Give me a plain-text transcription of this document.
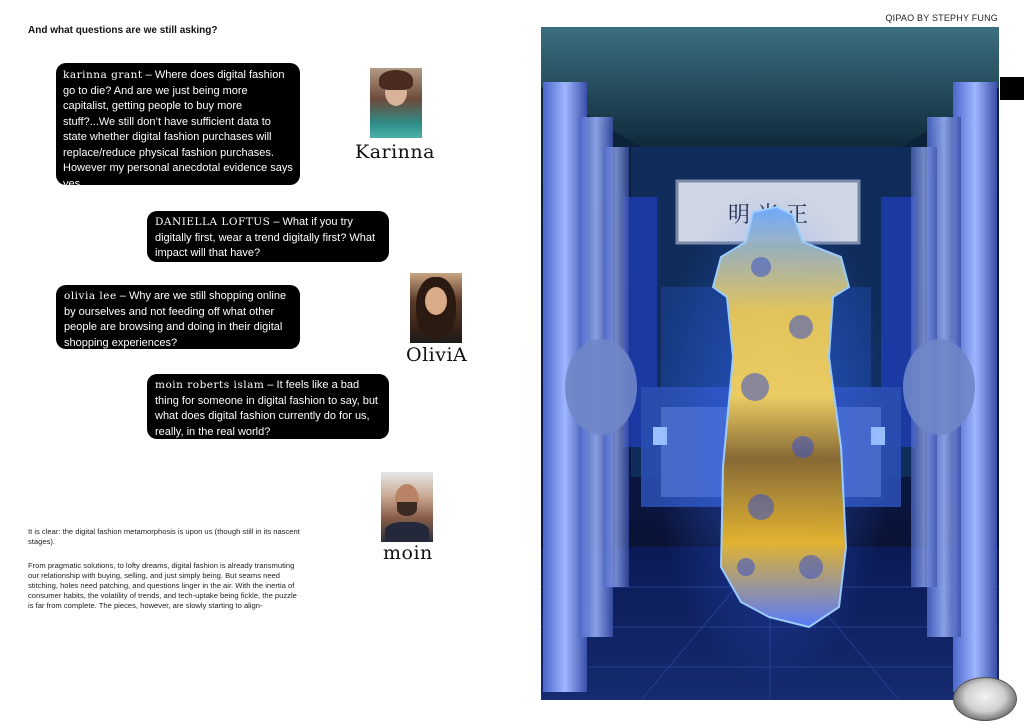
And what questions are we still asking?
QIPAO BY STEPHY FUNG
karinna grant – Where does digital fashion go to die? And are we just being more capitalist, getting people to buy more stuff?...We still don’t have sufficient data to state whether digital fashion purchases will replace/reduce physical fashion purchases. However my personal anecdotal evidence says yes.
DANIELLA LOFTUS – What if you try digitally first, wear a trend digitally first? What impact will that have?
olivia lee – Why are we still shopping online by ourselves and not feeding off what other people are browsing and doing in their digital shopping experiences?
moin roberts islam – It feels like a bad thing for someone in digital fashion to say, but what does digital fashion currently do for us, really, in the real world?
Karinna
OliviA
moin
It is clear: the digital fashion metamorphosis is upon us (though still in its nascent stages).
From pragmatic solutions, to lofty dreams, digital fashion is already transmuting our relationship with buying, selling, and just simply being. But seams need stitching, holes need patching, and questions linger in the air. With the inertia of consumer habits, the volatility of trends, and tech-uptake being fickle, the puzzle is far from complete. The pieces, however, are slowly starting to align-
